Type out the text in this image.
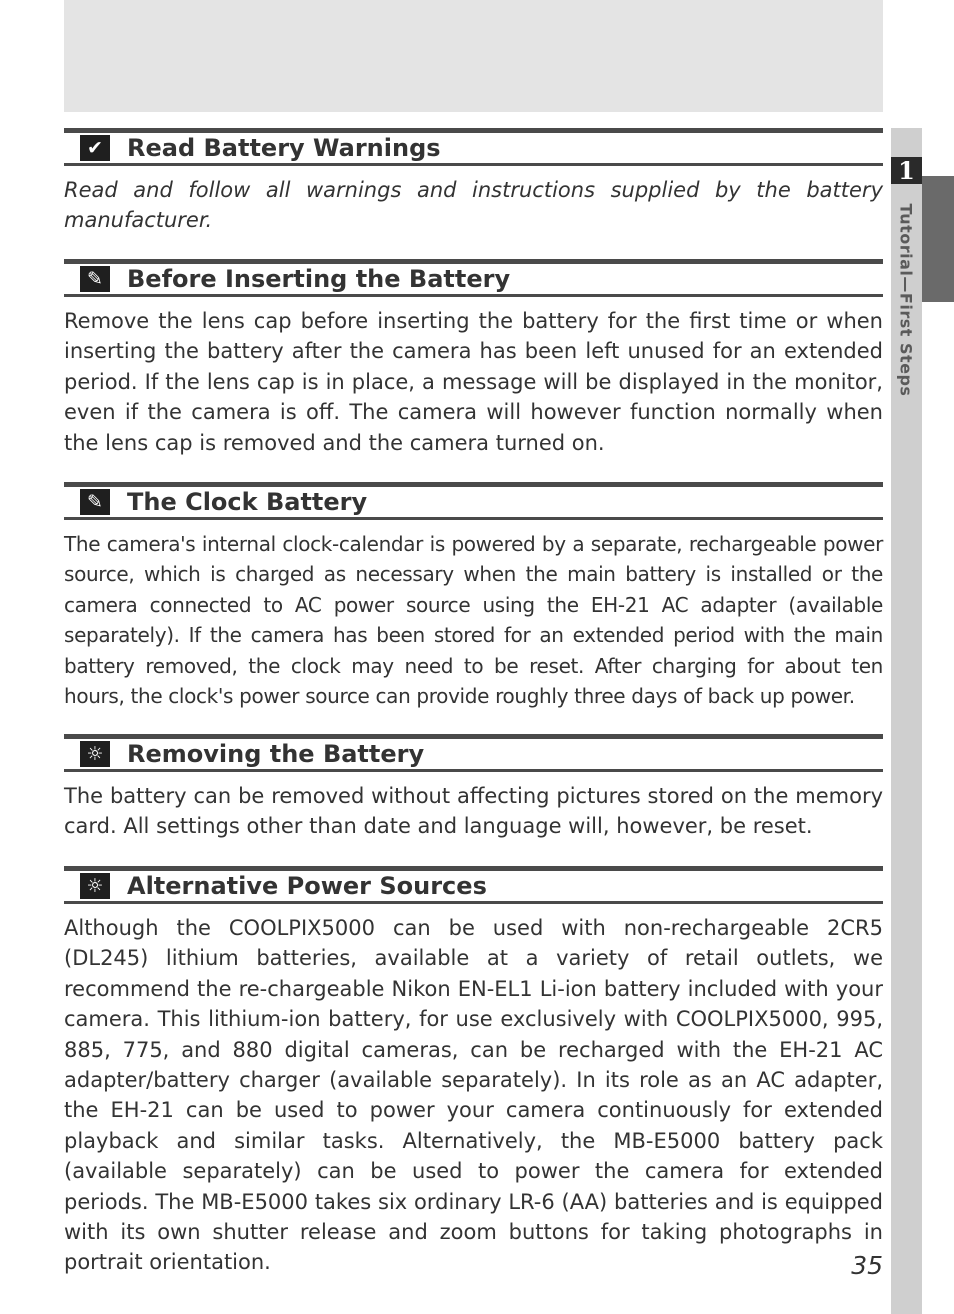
1
Tutorial—First Steps
✔ Read Battery Warnings

Read and follow all warnings and instructions supplied by the battery manufacturer.

✎ Before Inserting the Battery

Remove the lens cap before inserting the battery for the first time or when inserting the battery after the camera has been left unused for an extended period. If the lens cap is in place, a message will be displayed in the monitor, even if the camera is off. The camera will however function normally when the lens cap is removed and the camera turned on.

✎ The Clock Battery

The camera's internal clock-calendar is powered by a separate, rechargeable power source, which is charged as necessary when the main battery is installed or the camera connected to AC power source using the EH-21 AC adapter (available separately). If the camera has been stored for an extended period with the main battery removed, the clock may need to be reset. After charging for about ten hours, the clock's power source can provide roughly three days of back up power.

☼ Removing the Battery

The battery can be removed without affecting pictures stored on the memory card. All settings other than date and language will, however, be reset.

☼ Alternative Power Sources

Although the COOLPIX5000 can be used with non-rechargeable 2CR5 (DL245) lithium batteries, available at a variety of retail outlets, we recommend the re-chargeable Nikon EN-EL1 Li-ion battery included with your camera. This lithium-ion battery, for use exclusively with COOLPIX5000, 995, 885, 775, and 880 digital cameras, can be recharged with the EH-21 AC adapter/battery charger (available separately). In its role as an AC adapter, the EH-21 can be used to power your camera continuously for extended playback and similar tasks. Alternatively, the MB-E5000 battery pack (available separately) can be used to power the camera for extended periods. The MB-E5000 takes six ordinary LR-6 (AA) batteries and is equipped with its own shutter release and zoom buttons for taking photographs in portrait orientation.	35
